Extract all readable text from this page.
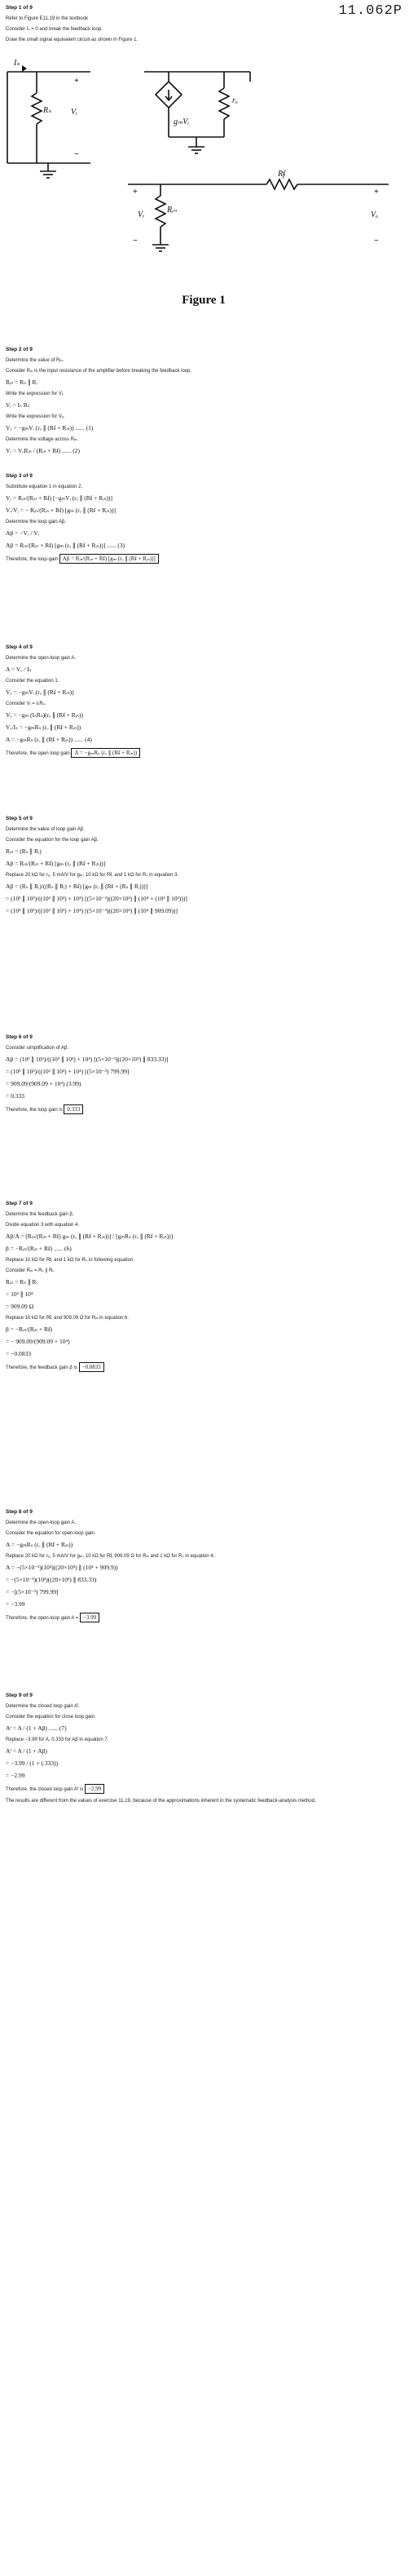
11.062P
Step 1 of 9
Refer to Figure E11.19 in the textbook
Consider Iₛ = 0 and break the feedback loop.
Draw the small signal equivalent circuit as shown in Figure 1.
Iₛ
Rₛ Vᵢ
gₘVᵢ
rₒ
Rᵮ
Rᵢₙ
Vᵣ	Vₒ
+
−
+
−
+
−
Figure 1
Step 2 of 9
Determine the value of Rᵢₙ.
Consider Rᵢₙ is the input resistance of the amplifier before breaking the feedback loop.
Rᵢₙ = Rₛ ∥ Rᵢ
Write the expression for Vᵢ.
Vᵢ = Iₛ Rₛ
Write the expression for Vₒ.
Vₒ = −gₘVᵢ (rₒ ∥ (Rᵮ + Rᵢₙ)) ...... (1)
Determine the voltage across Rᵢₙ.
Vᵣ = VₒRᵢₙ / (Rᵢₙ + Rᵮ) ...... (2)
Step 3 of 9
Substitute equation 1 in equation 2.
Vᵣ = Rᵢₙ/(Rᵢₙ + Rᵮ) [−gₘVᵢ (rₒ ∥ (Rᵮ + Rᵢₙ))]
Vᵣ/Vᵢ = − Rᵢₙ/(Rᵢₙ + Rᵮ) [gₘ (rₒ ∥ (Rᵮ + Rᵢₙ))]
Determine the loop gain Aβ.
Aβ = −Vᵣ / Vᵢ
Aβ = Rᵢₙ/(Rᵢₙ + Rᵮ) [gₘ (rₒ ∥ (Rᵮ + Rᵢₙ))] ...... (3)
Therefore, the loop-gain Aβ = Rᵢₙ/(Rᵢₙ + Rᵮ) [gₘ (rₒ ∥ (Rᵮ + Rᵢₙ))]
Step 4 of 9
Determine the open-loop gain A.
A = Vₒ / Iₛ
Consider the equation 1.
Vₒ = −gₘVᵢ (rₒ ∥ (Rᵮ + Rᵢₙ))
Consider Vᵢ = IₛRₛ.
Vₒ = −gₘ (IₛRₛ)(rₒ ∥ (Rᵮ + Rᵢₙ))
Vₒ/Iₛ = −gₘRₛ (rₒ ∥ (Rᵮ + Rᵢₙ))
A = −gₘRₛ (rₒ ∥ (Rᵮ + Rᵢₙ)) ...... (4)
Therefore, the open loop gain A = −gₘRₛ (rₒ ∥ (Rᵮ + Rᵢₙ))
Step 5 of 9
Determine the value of loop gain Aβ.
Consider the equation for the loop gain Aβ.
Rᵢₙ = (Rₛ ∥ Rᵢ)
Aβ = Rᵢₙ/(Rᵢₙ + Rᵮ) [gₘ (rₒ ∥ (Rᵮ + Rᵢₙ))]
Replace 20 kΩ for rₒ, 5 mA/V for gₘ, 10 kΩ for Rᵮ, and 1 kΩ for Rₛ in equation 3.
Aβ = (Rₛ ∥ Rᵢ)/((Rₛ ∥ Rᵢ) + Rᵮ) [gₘ (rₒ ∥ (Rᵮ + (Rₛ ∥ Rᵢ)))]
= (10³ ∥ 10³)/((10³ ∥ 10³) + 10⁴) [(5×10⁻³)((20×10³) ∥ (10⁴ + (10³ ∥ 10³)))]
= (10³ ∥ 10³)/((10³ ∥ 10³) + 10⁴) [(5×10⁻³)((20×10³) ∥ (10⁴ ∥ 909.09))]
Step 6 of 9
Consider simplification of Aβ.
Aβ = (10³ ∥ 10³)/((10³ ∥ 10³) + 10⁴) [(5×10⁻³)((20×10³) ∥ 833.33)]
= (10³ ∥ 10³)/((10³ ∥ 10³) + 10⁴) [(5×10⁻³) 799.99]
= 909.09/(909.09 + 10⁴) (3.99)
= 0.333
Therefore, the loop gain is 0.333
Step 7 of 9
Determine the feedback gain β.
Divide equation 3 with equation 4.
Aβ/A = [Rᵢₙ/(Rᵢₙ + Rᵮ) gₘ (rₒ ∥ (Rᵮ + Rᵢₙ))] / [gₘRₛ (rₒ ∥ (Rᵮ + Rᵢₙ))]
β = −Rᵢₙ/(Rᵢₙ + Rᵮ) ...... (6)
Replace 10 kΩ for Rᵮ, and 1 kΩ for Rₛ in following equation.
Consider Rᵢₙ = Rₛ ∥ Rᵢ.
Rᵢₙ = Rₛ ∥ Rᵢ
= 10³ ∥ 10⁴
= 909.09 Ω
Replace 10 kΩ for Rᵮ, and 909.09 Ω for Rᵢₙ in equation 6.
β = −Rᵢₙ/(Rᵢₙ + Rᵮ)
= − 909.09/(909.09 + 10⁴)
= −0.0833
Therefore, the feedback gain β is −0.0833
Step 8 of 9
Determine the open-loop gain A.
Consider the equation for open-loop gain.
A = −gₘRₛ (rₒ ∥ (Rᵮ + Rᵢₙ))
Replace 20 kΩ for rₒ, 5 mA/V for gₘ, 10 kΩ for Rᵮ, 909.09 Ω for Rᵢₙ and 1 kΩ for Rₛ in equation 4.
A = −(5×10⁻³)(10³)((20×10³) ∥ (10⁴ + 909.9))
= −(5×10⁻³)(10³)((20×10³) ∥ 833.33)
= −[(5×10⁻³) 799.99]
= −3.99
Therefore, the open-loop gain A = −3.99
Step 9 of 9
Determine the closed loop gain Aᶠ.
Consider the equation for close loop gain.
Aᶠ = A / (1 + Aβ) ...... (7)
Replace −3.99 for A, 0.333 for Aβ in equation 7.
Aᶠ = A / (1 + Aβ)
= −3.99 / (1 + (.333))
= −2.99
Therefore, the closed loop gain Aᶠ is −2.99
The results are different from the values of exercise 11.19, because of the approximations inherent in the systematic feedback-analysis method.
